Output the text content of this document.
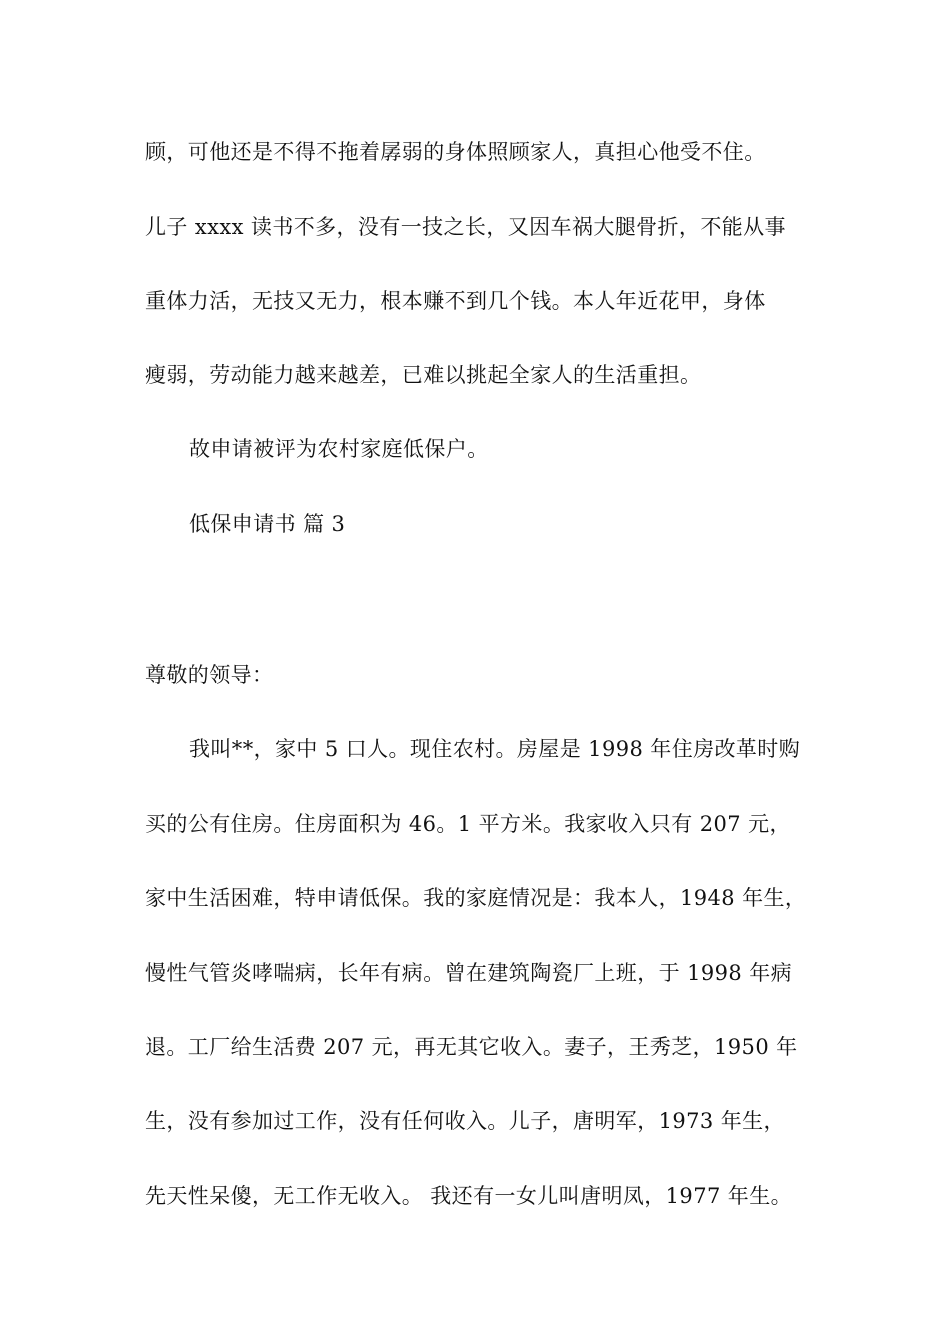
顾，可他还是不得不拖着孱弱的身体照顾家人，真担心他受不住。
儿子 xxxx 读书不多，没有一技之长，又因车祸大腿骨折，不能从事
重体力活，无技又无力，根本赚不到几个钱。本人年近花甲，身体
瘦弱，劳动能力越来越差，已难以挑起全家人的生活重担。
故申请被评为农村家庭低保户。
低保申请书 篇 3
尊敬的领导：
我叫**，家中 5 口人。现住农村。房屋是 1998 年住房改革时购
买的公有住房。住房面积为 46。1 平方米。我家收入只有 207 元，
家中生活困难，特申请低保。我的家庭情况是：我本人，1948 年生，
慢性气管炎哮喘病，长年有病。曾在建筑陶瓷厂上班，于 1998 年病
退。工厂给生活费 207 元，再无其它收入。妻子，王秀芝，1950 年
生，没有参加过工作，没有任何收入。儿子，唐明军，1973 年生，
先天性呆傻，无工作无收入。 我还有一女儿叫唐明凤，1977 年生。
